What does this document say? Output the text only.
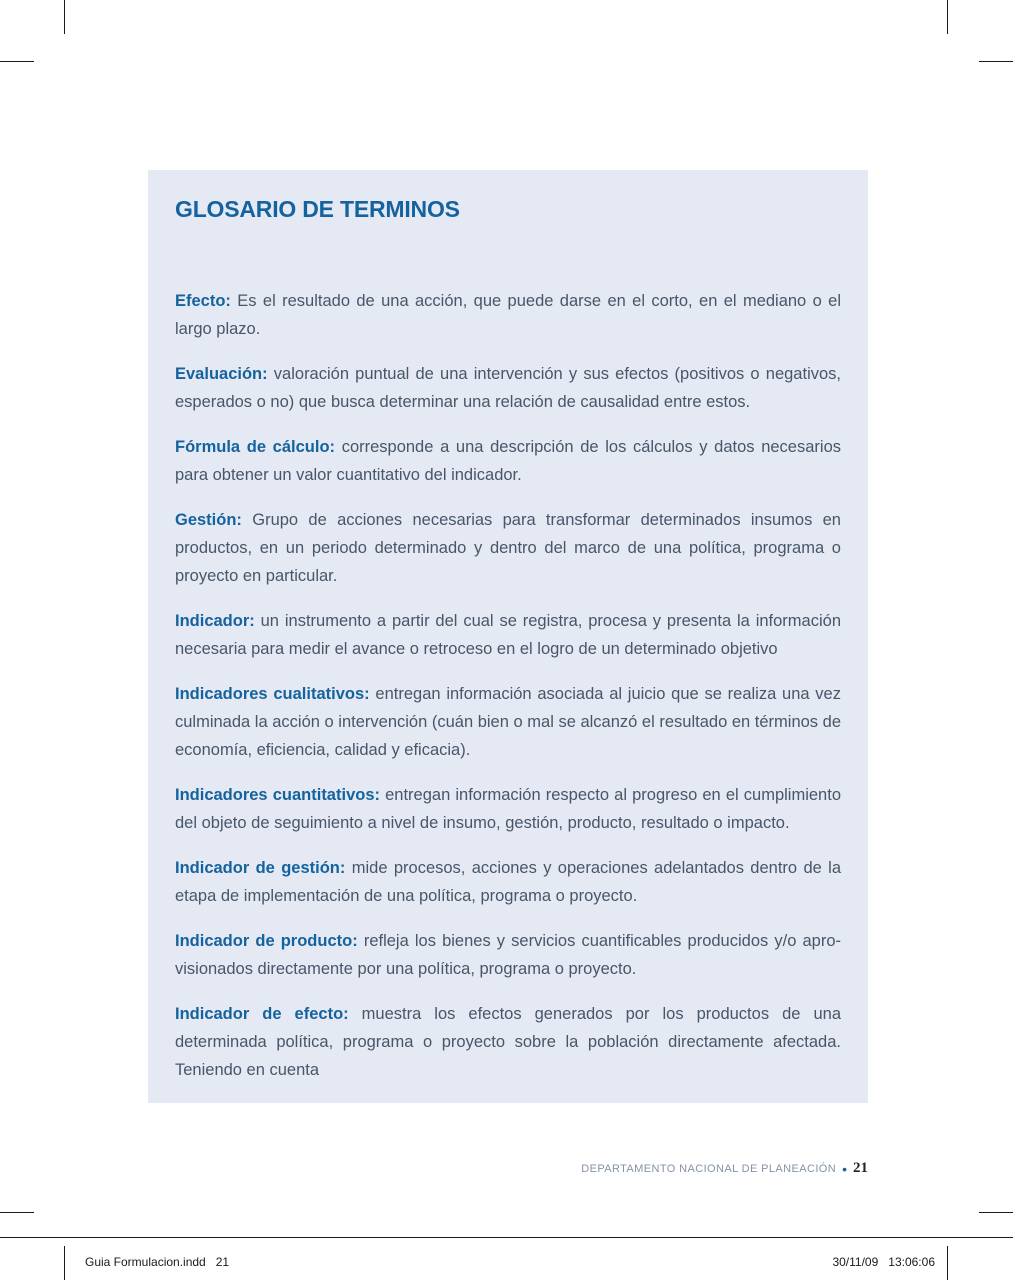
GLOSARIO DE TERMINOS

Efecto: Es el resultado de una acción, que puede darse en el corto, en el mediano o el largo plazo.

Evaluación: valoración puntual de una intervención y sus efectos (positivos o negativos, esperados o no) que busca determinar una relación de causalidad entre estos.

Fórmula de cálculo: corresponde a una descripción de los cálculos y datos necesarios para obtener un valor cuantitativo del indicador.

Gestión: Grupo de acciones necesarias para transformar determinados insumos en productos, en un periodo determinado y dentro del marco de una política, programa o proyecto en particular.

Indicador: un instrumento a partir del cual se registra, procesa y presenta la información necesaria para medir el avance o retroceso en el logro de un determinado objetivo

Indicadores cualitativos: entregan información asociada al juicio que se realiza una vez culminada la acción o intervención (cuán bien o mal se alcanzó el resultado en términos de economía, eficiencia, calidad y eficacia).

Indicadores cuantitativos: entregan información respecto al progreso en el cumplimiento del objeto de seguimiento a nivel de insumo, gestión, producto, resultado o impacto.

Indicador de gestión: mide procesos, acciones y operaciones adelantados dentro de la etapa de implementación de una política, programa o proyecto.

Indicador de producto: refleja los bienes y servicios cuantificables producidos y/o apro-visionados directamente por una política, programa o proyecto.

Indicador de efecto: muestra los efectos generados por los productos de una determinada política, programa o proyecto sobre la población directamente afectada. Teniendo en cuenta

DEPARTAMENTO NACIONAL DE PLANEACIÓN • 21
Guia Formulacion.indd   21	30/11/09   13:06:06
